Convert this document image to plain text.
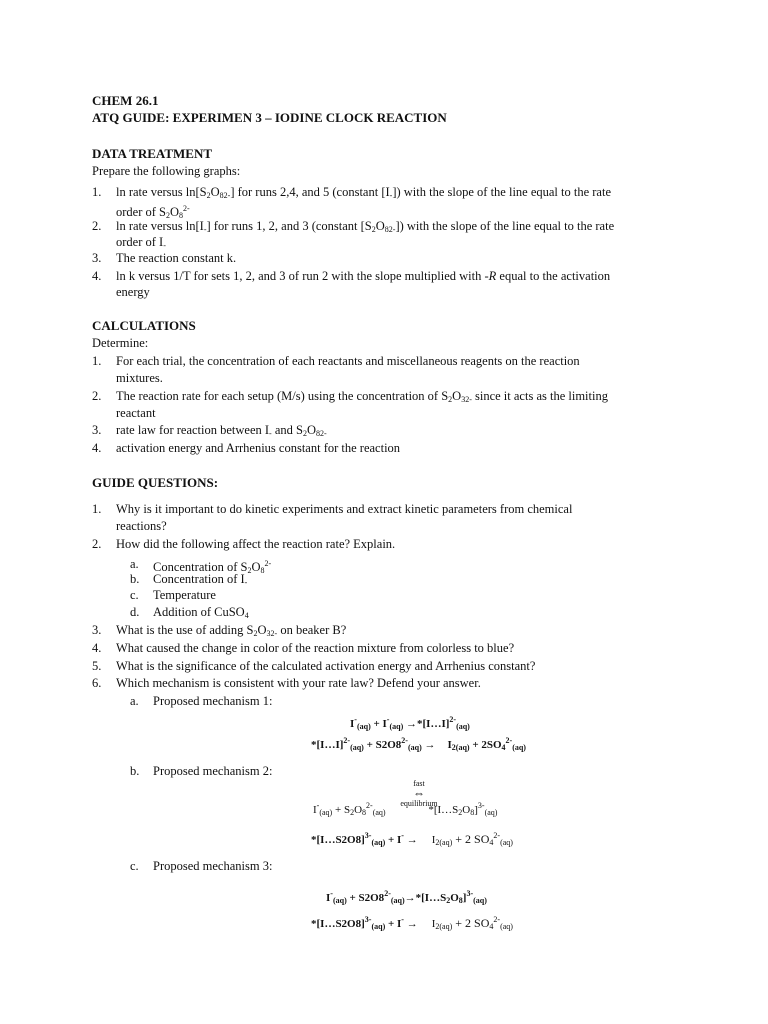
CHEM 26.1
ATQ GUIDE: EXPERIMEN 3 – IODINE CLOCK REACTION
DATA TREATMENT
Prepare the following graphs:
1.	ln rate versus $\ln[S_2O_{82-}]$ for runs 2,4, and 5 (constant $[I_-]$) with the slope of the line equal to the rate
order of $S_2O_8^{2-}$
2.	ln rate versus $\ln[I_-]$ for runs 1, 2, and 3 (constant $[S_2O_{82-}]$) with the slope of the line equal to the rate
order of $I_-$
3.	The reaction constant k.
4.	ln k versus 1/T for sets 1, 2, and 3 of run 2 with the slope multiplied with -R equal to the activation
energy
CALCULATIONS
Determine:
1.	For each trial, the concentration of each reactants and miscellaneous reagents on the reaction
mixtures.
2.	The reaction rate for each setup (M/s) using the concentration of $S_2O_{32-}$ since it acts as the limiting
reactant
3.	rate law for reaction between $I_-$ and $S_2O_{82-}$
4.	activation energy and Arrhenius constant for the reaction
GUIDE QUESTIONS:
1.	Why is it important to do kinetic experiments and extract kinetic parameters from chemical
reactions?
2.	How did the following affect the reaction rate? Explain.
a. Concentration of $S_2O_8^{2-}$
b. Concentration of $I_-$
c. Temperature
d. Addition of CuSO$_4$
3.	What is the use of adding $S_2O_{32-}$ on beaker B?
4.	What caused the change in color of the reaction mixture from colorless to blue?
5.	What is the significance of the calculated activation energy and Arrhenius constant?
6.	Which mechanism is consistent with your rate law? Defend your answer.
a. Proposed mechanism 1:
$I^-_{(aq)} + I^-_{(aq)}$ →*[I…I]$^{2-}_{(aq)}$
*[I…I]$^{2-}_{(aq)}$ + $S2O8^{2-}_{(aq)} \to I_{2(aq)} + 2SO_4^{2-}_{(aq)}$
b. Proposed mechanism 2:
fast
⇔
equilibrium
$I^-_{(aq)} + S_2O_8^{2-}_{(aq)}$	$*[I\dots S_2O_8]^{3-}_{(aq)}$
*[I…S2O8]$^{3-}_{(aq)}$ + $I^- \to I_{2(aq)} + 2$ $SO_4^{2-}_{(aq)}$
c. Proposed mechanism 3:
$I^-_{(aq)}$ + $S2O8^{2-}_{(aq)}\to*[I\dots S_2O_8]^{3-}_{(aq)}$
*[I…S2O8]$^{3-}_{(aq)}$ + $I^- \to I_{2(aq)} + 2$ $SO_4^{2-}_{(aq)}$
